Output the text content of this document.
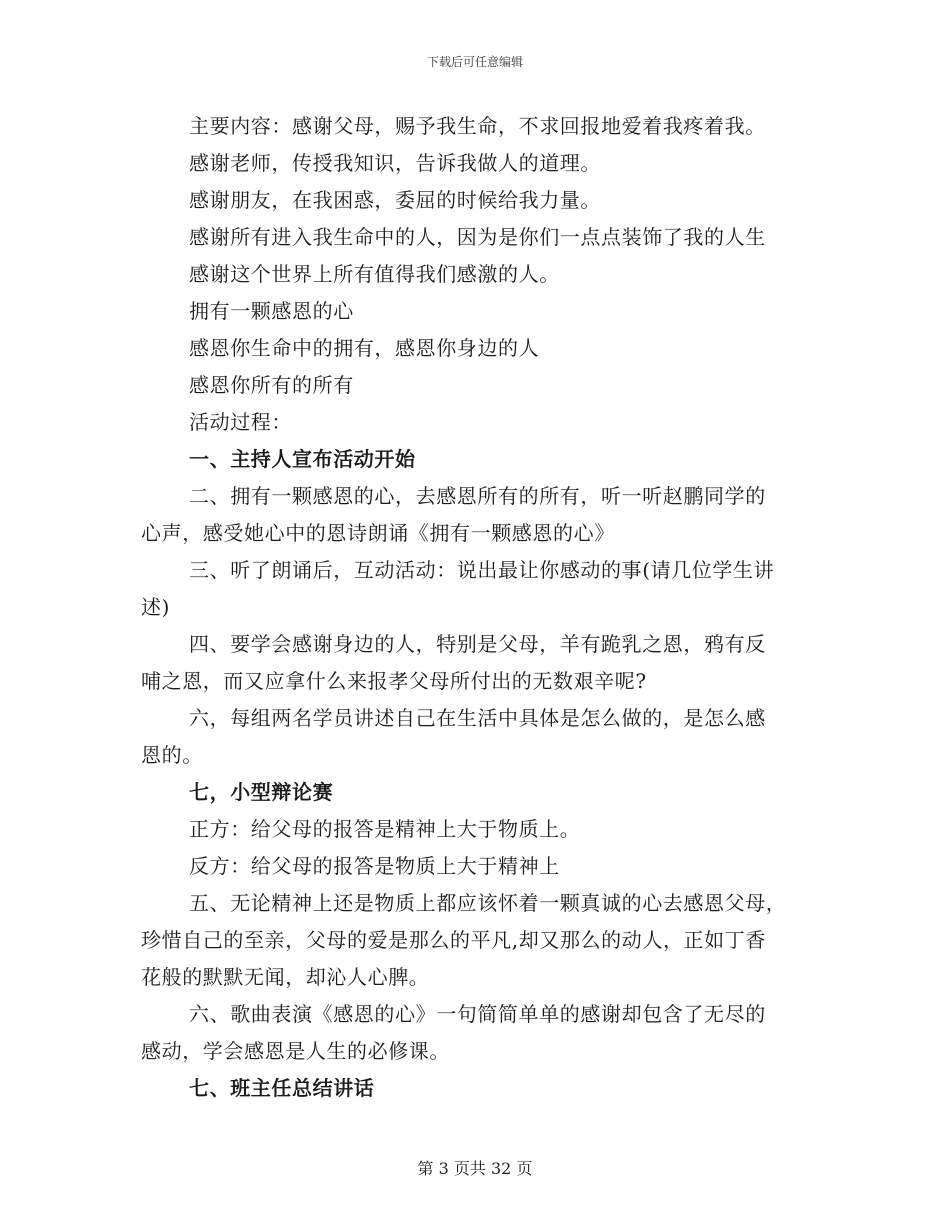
下载后可任意编辑
主要内容：感谢父母，赐予我生命，不求回报地爱着我疼着我。
感谢老师，传授我知识，告诉我做人的道理。
感谢朋友，在我困惑，委屈的时候给我力量。
感谢所有进入我生命中的人，因为是你们一点点装饰了我的人生
感谢这个世界上所有值得我们感激的人。
拥有一颗感恩的心
感恩你生命中的拥有，感恩你身边的人
感恩你所有的所有
活动过程：
一、主持人宣布活动开始
二、拥有一颗感恩的心，去感恩所有的所有，听一听赵鹏同学的
心声，感受她心中的恩诗朗诵《拥有一颗感恩的心》
三、听了朗诵后，互动活动：说出最让你感动的事(请几位学生讲
述)
四、要学会感谢身边的人，特别是父母，羊有跪乳之恩，鸦有反
哺之恩，而又应拿什么来报孝父母所付出的无数艰辛呢?
六，每组两名学员讲述自己在生活中具体是怎么做的，是怎么感
恩的。
七，小型辩论赛
正方：给父母的报答是精神上大于物质上。
反方：给父母的报答是物质上大于精神上
五、无论精神上还是物质上都应该怀着一颗真诚的心去感恩父母，
珍惜自己的至亲，父母的爱是那么的平凡,却又那么的动人，正如丁香
花般的默默无闻，却沁人心脾。
六、歌曲表演《感恩的心》一句简简单单的感谢却包含了无尽的
感动，学会感恩是人生的必修课。
七、班主任总结讲话
第 3 页共 32 页
